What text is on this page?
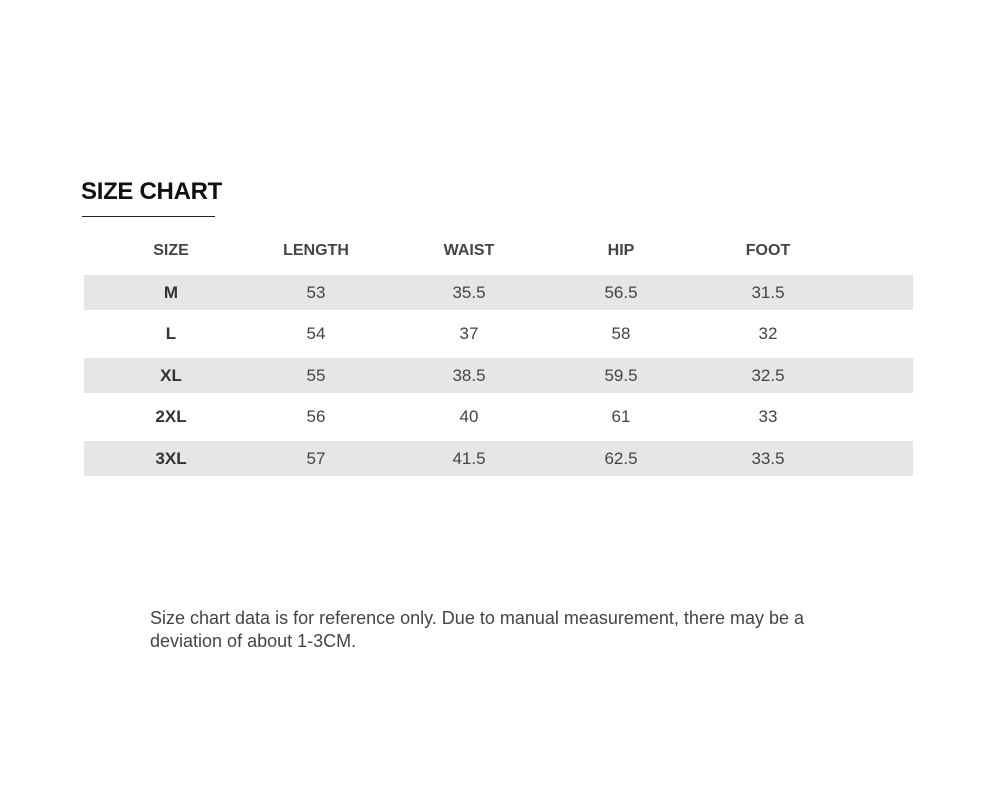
SIZE CHART
SIZE	LENGTH	WAIST	HIP	FOOT
M	53	35.5	56.5	31.5
L	54	37	58	32
XL	55	38.5	59.5	32.5
2XL	56	40	61	33
3XL	57	41.5	62.5	33.5
Size chart data is for reference only. Due to manual measurement, there may be a deviation of about 1-3CM.
